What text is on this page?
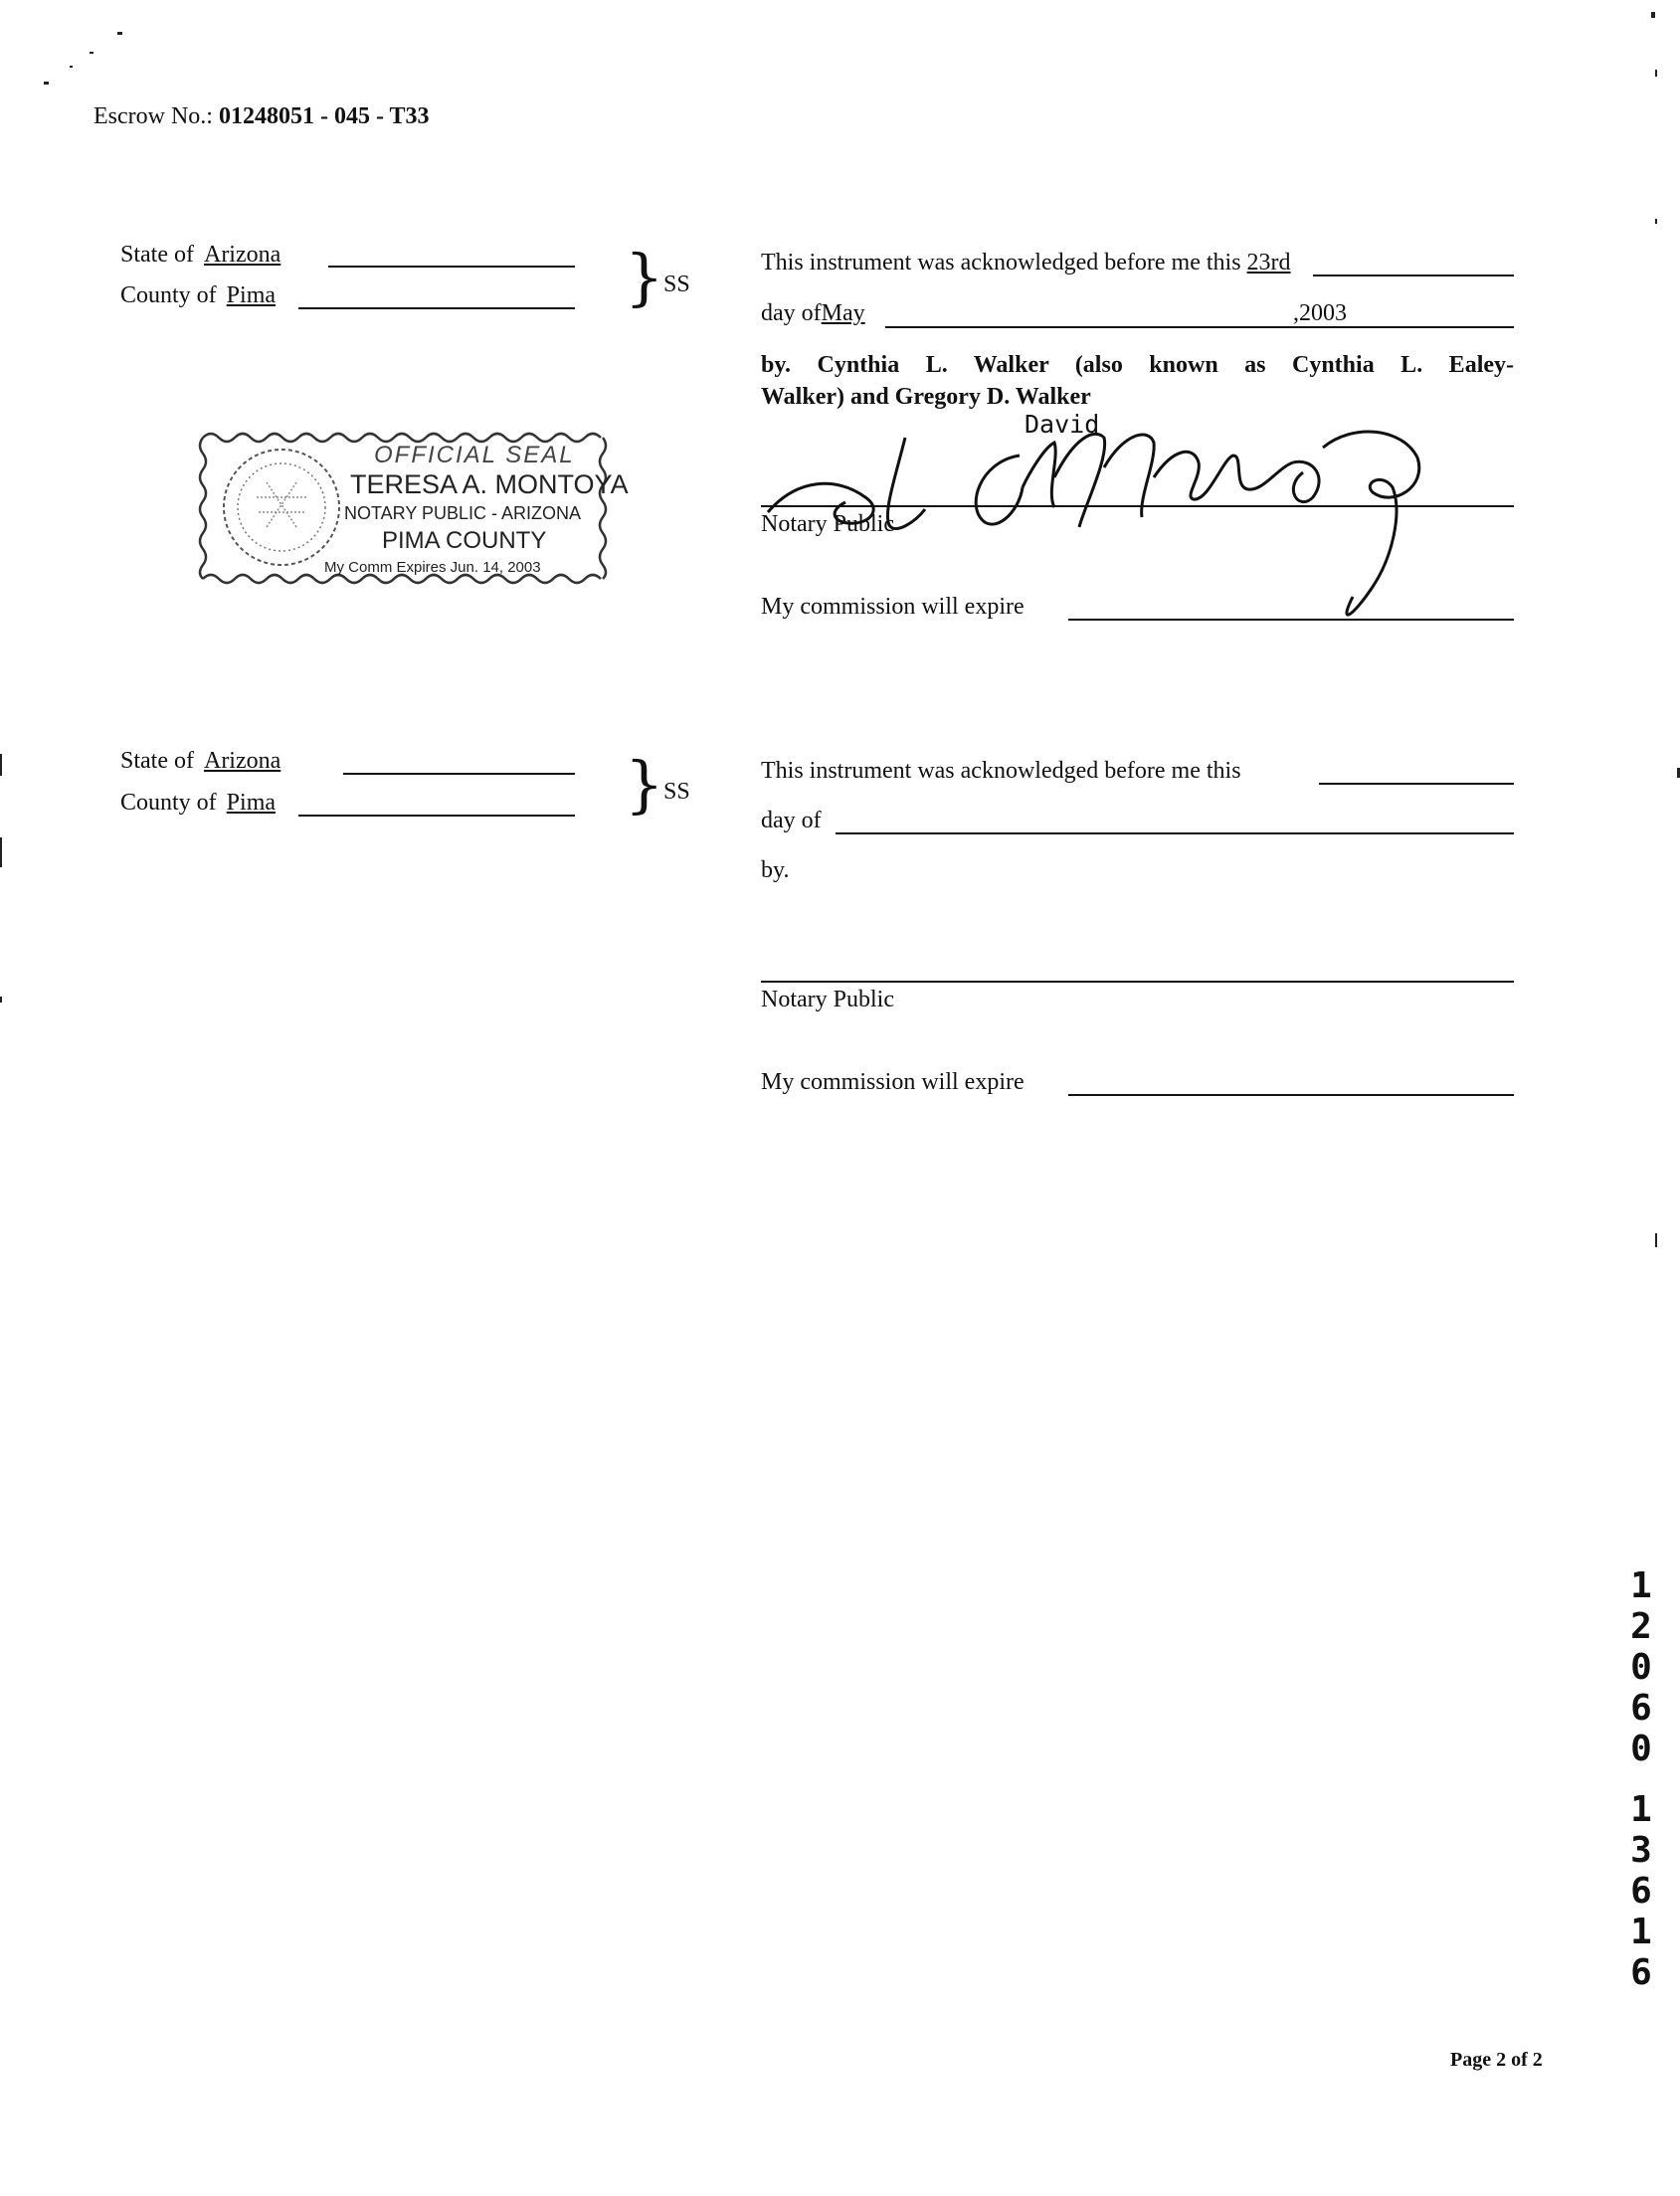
Escrow No.: 01248051 - 045 - T33
State of Arizona
County of Pima	} SS
This instrument was acknowledged before me this 23rd
day ofMay	,2003
by. Cynthia L. Walker (also known as Cynthia L. Ealey-
Walker) and Gregory D. Walker
David
Notary Public
My commission will expire
OFFICIAL SEAL
TERESA A. MONTOYA
NOTARY PUBLIC - ARIZONA
PIMA COUNTY
My Comm Expires Jun. 14, 2003
State of Arizona
County of Pima	} SS
This instrument was acknowledged before me this
day of
by.
Notary Public
My commission will expire
1
2
0
6
0
1
3
6
1
6
Page 2 of 2
